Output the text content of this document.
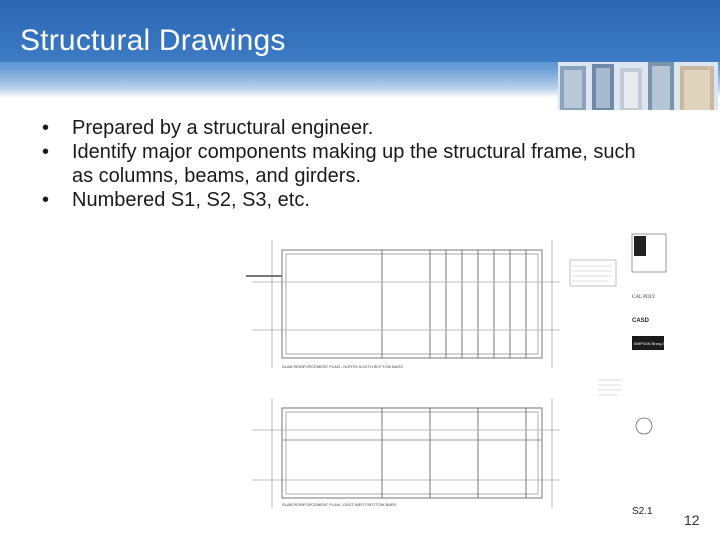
Structural Drawings
• Prepared by a structural engineer.
• Identify major components making up the structural frame, such as columns, beams, and girders.
• Numbered S1, S2, S3, etc.
SLAB REINFORCEMENT PLAN - NORTH-SOUTH BOTTOM BARS
SLAB REINFORCEMENT PLAN - EAST-WEST BOTTOM BARS
CAL POLY
CASD
SIMPSON Strong-Tie
S2.1
12
